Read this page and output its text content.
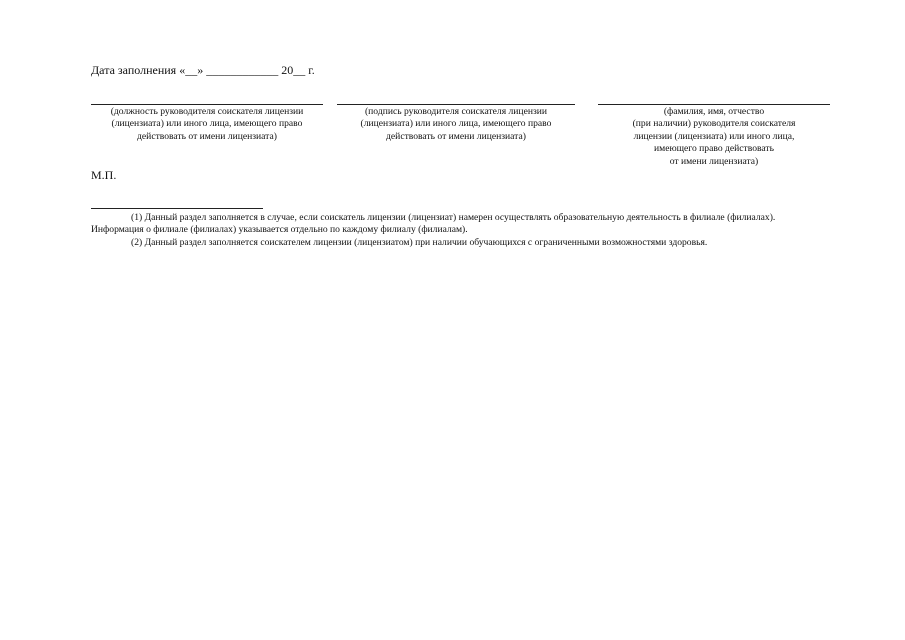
Дата заполнения «__» ____________ 20__ г.
(должность руководителя соискателя лицензии
(лицензиата) или иного лица, имеющего право
действовать от имени лицензиата)
(подпись руководителя соискателя лицензии
(лицензиата) или иного лица, имеющего право
действовать от имени лицензиата)
(фамилия, имя, отчество
(при наличии) руководителя соискателя
лицензии (лицензиата) или иного лица,
имеющего право действовать
от имени лицензиата)
М.П.
(1) Данный раздел заполняется в случае, если соискатель лицензии (лицензиат) намерен осуществлять образовательную деятельность в филиале (филиалах).
Информация о филиале (филиалах) указывается отдельно по каждому филиалу (филиалам).
(2) Данный раздел заполняется соискателем лицензии (лицензиатом) при наличии обучающихся с ограниченными возможностями здоровья.
